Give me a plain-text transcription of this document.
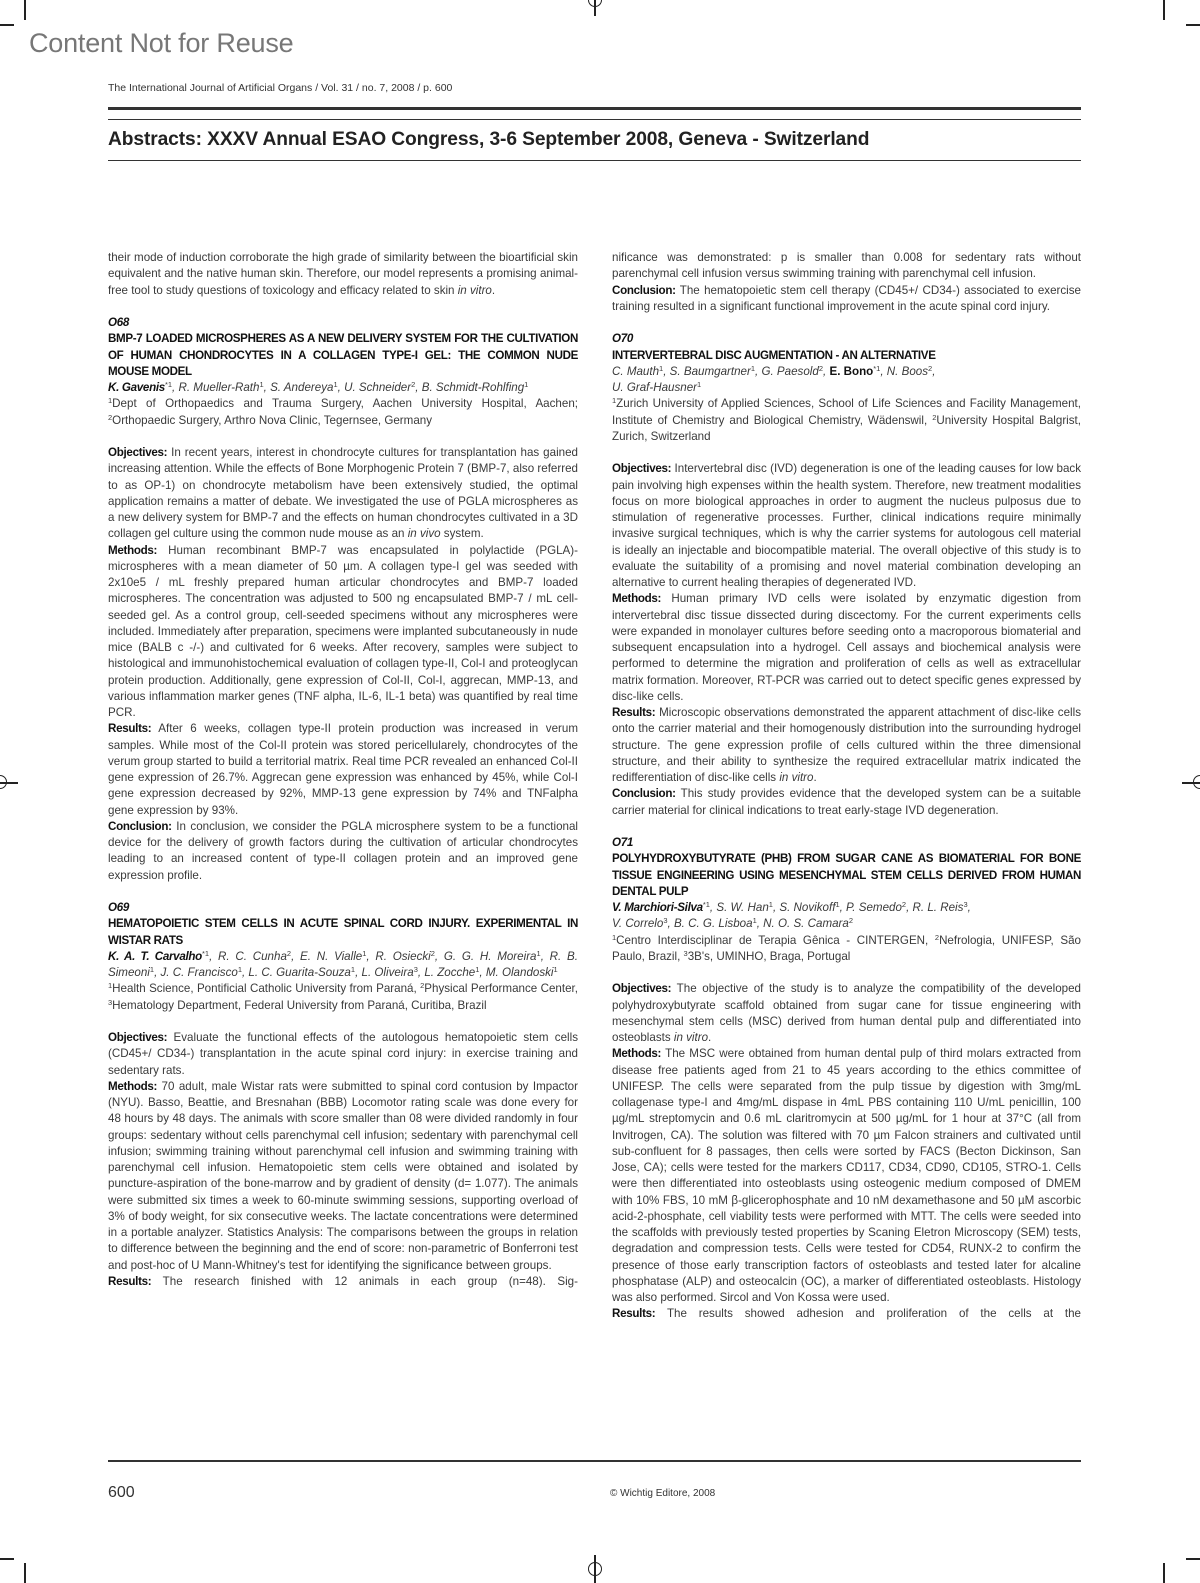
Content Not for Reuse
The International Journal of Artificial Organs / Vol. 31 / no. 7, 2008 / p. 600
Abstracts: XXXV Annual ESAO Congress, 3-6 September 2008, Geneva - Switzerland

their mode of induction corroborate the high grade of similarity between the bioartificial skin equivalent and the native human skin. Therefore, our model represents a promising animal-free tool to study questions of toxicology and efficacy related to skin in vitro.

O68
BMP-7 LOADED MICROSPHERES AS A NEW DELIVERY SYSTEM FOR THE CULTIVATION OF HUMAN CHONDROCYTES IN A COLLAGEN TYPE-I GEL: THE COMMON NUDE MOUSE MODEL
K. Gavenis$^{*1}$, R. Mueller-Rath$^1$, S. Andereya$^1$, U. Schneider$^2$, B. Schmidt-Rohlfing$^1$

$^1$Dept of Orthopaedics and Trauma Surgery, Aachen University Hospital, Aachen; $^2$Orthopaedic Surgery, Arthro Nova Clinic, Tegernsee, Germany

Objectives: In recent years, interest in chondrocyte cultures for transplantation has gained increasing attention. While the effects of Bone Morphogenic Protein 7 (BMP-7, also referred to as OP-1) on chondrocyte metabolism have been extensively studied, the optimal application remains a matter of debate. We investigated the use of PGLA microspheres as a new delivery system for BMP-7 and the effects on human chondrocytes cultivated in a 3D collagen gel culture using the common nude mouse as an in vivo system.

Methods: Human recombinant BMP-7 was encapsulated in polylactide (PGLA)-microspheres with a mean diameter of 50 µm. A collagen type-I gel was seeded with 2x10e5 / mL freshly prepared human articular chondrocytes and BMP-7 loaded microspheres. The concentration was adjusted to 500 ng encapsulated BMP-7 / mL cell-seeded gel. As a control group, cell-seeded specimens without any microspheres were included. Immediately after preparation, specimens were implanted subcutaneously in nude mice (BALB c -/-) and cultivated for 6 weeks. After recovery, samples were subject to histological and immunohistochemical evaluation of collagen type-II, Col-I and proteoglycan protein production. Additionally, gene expression of Col-II, Col-I, aggrecan, MMP-13, and various inflammation marker genes (TNF alpha, IL-6, IL-1 beta) was quantified by real time PCR.

Results: After 6 weeks, collagen type-II protein production was increased in verum samples. While most of the Col-II protein was stored pericellularely, chondrocytes of the verum group started to build a territorial matrix. Real time PCR revealed an enhanced Col-II gene expression of 26.7%. Aggrecan gene expression was enhanced by 45%, while Col-I gene expression decreased by 92%, MMP-13 gene expression by 74% and TNFalpha gene expression by 93%.

Conclusion: In conclusion, we consider the PGLA microsphere system to be a functional device for the delivery of growth factors during the cultivation of articular chondrocytes leading to an increased content of type-II collagen protein and an improved gene expression profile.

O69
HEMATOPOIETIC STEM CELLS IN ACUTE SPINAL CORD INJURY. EXPERIMENTAL IN WISTAR RATS
K. A. T. Carvalho$^{*1}$, R. C. Cunha$^2$, E. N. Vialle$^1$, R. Osiecki$^2$, G. G. H. Moreira$^1$, R. B. Simeoni$^1$, J. C. Francisco$^1$, L. C. Guarita-Souza$^1$, L. Oliveira$^3$, L. Zocche$^1$, M. Olandoski$^1$

$^1$Health Science, Pontificial Catholic University from Paraná, $^2$Physical Performance Center, $^3$Hematology Department, Federal University from Paraná, Curitiba, Brazil

Objectives: Evaluate the functional effects of the autologous hematopoietic stem cells (CD45+/ CD34-) transplantation in the acute spinal cord injury: in exercise training and sedentary rats.

Methods: 70 adult, male Wistar rats were submitted to spinal cord contusion by Impactor (NYU). Basso, Beattie, and Bresnahan (BBB) Locomotor rating scale was done every for 48 hours by 48 days. The animals with score smaller than 08 were divided randomly in four groups: sedentary without cells parenchymal cell infusion; sedentary with parenchymal cell infusion; swimming training without parenchymal cell infusion and swimming training with parenchymal cell infusion. Hematopoietic stem cells were obtained and isolated by puncture-aspiration of the bone-marrow and by gradient of density (d= 1.077). The animals were submitted six times a week to 60-minute swimming sessions, supporting overload of 3% of body weight, for six consecutive weeks. The lactate concentrations were determined in a portable analyzer. Statistics Analysis: The comparisons between the groups in relation to difference between the beginning and the end of score: non-parametric of Bonferroni test and post-hoc of U Mann-Whitney's test for identifying the significance between groups.

Results: The research finished with 12 animals in each group (n=48). Sig-

nificance was demonstrated: p is smaller than 0.008 for sedentary rats without parenchymal cell infusion versus swimming training with parenchymal cell infusion.

Conclusion: The hematopoietic stem cell therapy (CD45+/ CD34-) associated to exercise training resulted in a significant functional improvement in the acute spinal cord injury.

O70
INTERVERTEBRAL DISC AUGMENTATION - AN ALTERNATIVE
C. Mauth$^1$, S. Baumgartner$^1$, G. Paesold$^2$, E. Bono$^{*1}$, N. Boos$^2$,
U. Graf-Hausner$^1$

$^1$Zurich University of Applied Sciences, School of Life Sciences and Facility Management, Institute of Chemistry and Biological Chemistry, Wädenswil, $^2$University Hospital Balgrist, Zurich, Switzerland

Objectives: Intervertebral disc (IVD) degeneration is one of the leading causes for low back pain involving high expenses within the health system. Therefore, new treatment modalities focus on more biological approaches in order to augment the nucleus pulposus due to stimulation of regenerative processes. Further, clinical indications require minimally invasive surgical techniques, which is why the carrier systems for autologous cell material is ideally an injectable and biocompatible material. The overall objective of this study is to evaluate the suitability of a promising and novel material combination developing an alternative to current healing therapies of degenerated IVD.

Methods: Human primary IVD cells were isolated by enzymatic digestion from intervertebral disc tissue dissected during discectomy. For the current experiments cells were expanded in monolayer cultures before seeding onto a macroporous biomaterial and subsequent encapsulation into a hydrogel. Cell assays and biochemical analysis were performed to determine the migration and proliferation of cells as well as extracellular matrix formation. Moreover, RT-PCR was carried out to detect specific genes expressed by disc-like cells.

Results: Microscopic observations demonstrated the apparent attachment of disc-like cells onto the carrier material and their homogenously distribution into the surrounding hydrogel structure. The gene expression profile of cells cultured within the three dimensional structure, and their ability to synthesize the required extracellular matrix indicated the redifferentiation of disc-like cells in vitro.

Conclusion: This study provides evidence that the developed system can be a suitable carrier material for clinical indications to treat early-stage IVD degeneration.

O71
POLYHYDROXYBUTYRATE (PHB) FROM SUGAR CANE AS BIOMATERIAL FOR BONE TISSUE ENGINEERING USING MESENCHYMAL STEM CELLS DERIVED FROM HUMAN DENTAL PULP
V. Marchiori-Silva$^{*1}$, S. W. Han$^1$, S. Novikoff$^1$, P. Semedo$^2$, R. L. Reis$^3$,
V. Correlo$^3$, B. C. G. Lisboa$^1$, N. O. S. Camara$^2$

$^1$Centro Interdisciplinar de Terapia Gênica - CINTERGEN, $^2$Nefrologia, UNIFESP, São Paulo, Brazil, $^3$3B's, UMINHO, Braga, Portugal

Objectives: The objective of the study is to analyze the compatibility of the developed polyhydroxybutyrate scaffold obtained from sugar cane for tissue engineering with mesenchymal stem cells (MSC) derived from human dental pulp and differentiated into osteoblasts in vitro.

Methods: The MSC were obtained from human dental pulp of third molars extracted from disease free patients aged from 21 to 45 years according to the ethics committee of UNIFESP. The cells were separated from the pulp tissue by digestion with 3mg/mL collagenase type-I and 4mg/mL dispase in 4mL PBS containing 110 U/mL penicillin, 100 µg/mL streptomycin and 0.6 mL claritromycin at 500 µg/mL for 1 hour at 37°C (all from Invitrogen, CA). The solution was filtered with 70 µm Falcon strainers and cultivated until sub-confluent for 8 passages, then cells were sorted by FACS (Becton Dickinson, San Jose, CA); cells were tested for the markers CD117, CD34, CD90, CD105, STRO-1. Cells were then differentiated into osteoblasts using osteogenic medium composed of DMEM with 10% FBS, 10 mM β-glicerophosphate and 10 nM dexamethasone and 50 µM ascorbic acid-2-phosphate, cell viability tests were performed with MTT. The cells were seeded into the scaffolds with previously tested properties by Scaning Eletron Microscopy (SEM) tests, degradation and compression tests. Cells were tested for CD54, RUNX-2 to confirm the presence of those early transcription factors of osteoblasts and tested later for alcaline phosphatase (ALP) and osteocalcin (OC), a marker of differentiated osteoblasts. Histology was also performed. Sircol and Von Kossa were used.

Results: The results showed adhesion and proliferation of the cells at the

600	© Wichtig Editore, 2008
